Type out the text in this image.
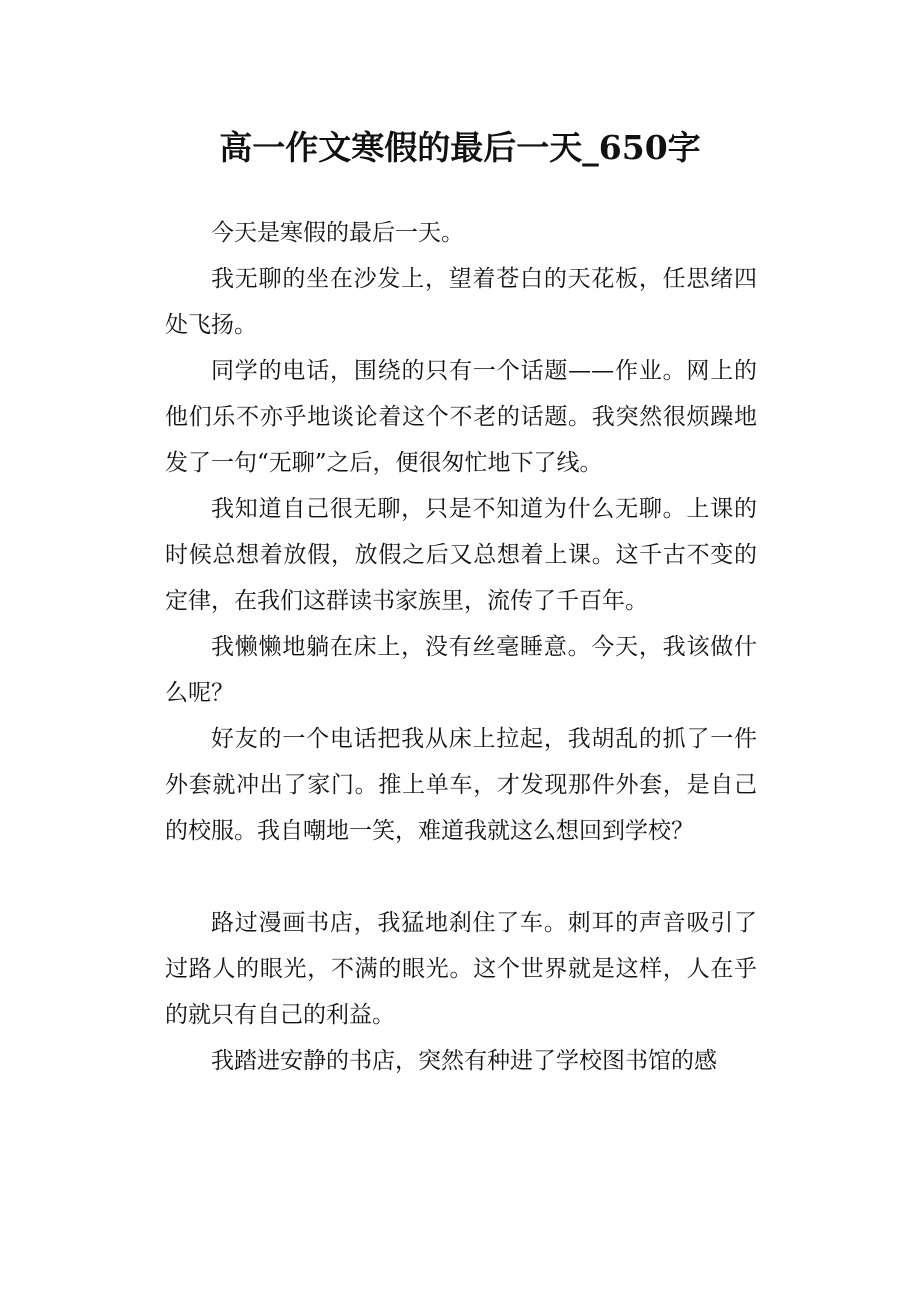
高一作文寒假的最后一天_650字

今天是寒假的最后一天。

我无聊的坐在沙发上，望着苍白的天花板，任思绪四处飞扬。

同学的电话，围绕的只有一个话题——作业。网上的他们乐不亦乎地谈论着这个不老的话题。我突然很烦躁地发了一句“无聊”之后，便很匆忙地下了线。

我知道自己很无聊，只是不知道为什么无聊。上课的时候总想着放假，放假之后又总想着上课。这千古不变的定律，在我们这群读书家族里，流传了千百年。

我懒懒地躺在床上，没有丝毫睡意。今天，我该做什么呢？

好友的一个电话把我从床上拉起，我胡乱的抓了一件外套就冲出了家门。推上单车，才发现那件外套，是自己的校服。我自嘲地一笑，难道我就这么想回到学校？

路过漫画书店，我猛地刹住了车。刺耳的声音吸引了过路人的眼光，不满的眼光。这个世界就是这样，人在乎的就只有自己的利益。

我踏进安静的书店，突然有种进了学校图书馆的感
